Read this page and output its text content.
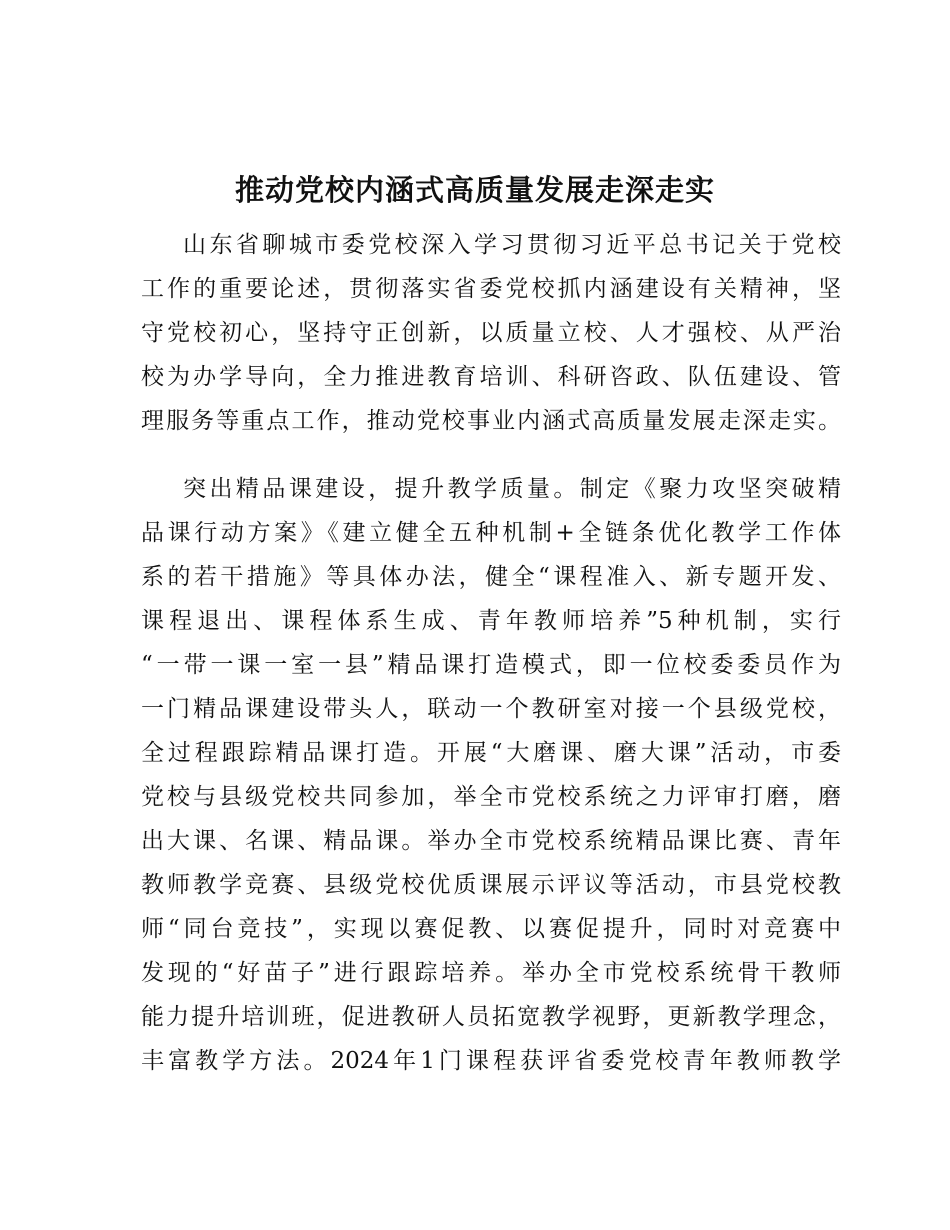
推动党校内涵式高质量发展走深走实
山东省聊城市委党校深入学习贯彻习近平总书记关于党校
工作的重要论述，贯彻落实省委党校抓内涵建设有关精神，坚
守党校初心，坚持守正创新，以质量立校、人才强校、从严治
校为办学导向，全力推进教育培训、科研咨政、队伍建设、管
理服务等重点工作，推动党校事业内涵式高质量发展走深走实。
突出精品课建设，提升教学质量。制定《聚力攻坚突破精
品课行动方案》《建立健全五种机制+全链条优化教学工作体
系的若干措施》等具体办法，健全“课程准入、新专题开发、
课程退出、课程体系生成、青年教师培养”5种机制，实行
“一带一课一室一县”精品课打造模式，即一位校委委员作为
一门精品课建设带头人，联动一个教研室对接一个县级党校，
全过程跟踪精品课打造。开展“大磨课、磨大课”活动，市委
党校与县级党校共同参加，举全市党校系统之力评审打磨，磨
出大课、名课、精品课。举办全市党校系统精品课比赛、青年
教师教学竞赛、县级党校优质课展示评议等活动，市县党校教
师“同台竞技”，实现以赛促教、以赛促提升，同时对竞赛中
发现的“好苗子”进行跟踪培养。举办全市党校系统骨干教师
能力提升培训班，促进教研人员拓宽教学视野，更新教学理念，
丰富教学方法。2024年1门课程获评省委党校青年教师教学
